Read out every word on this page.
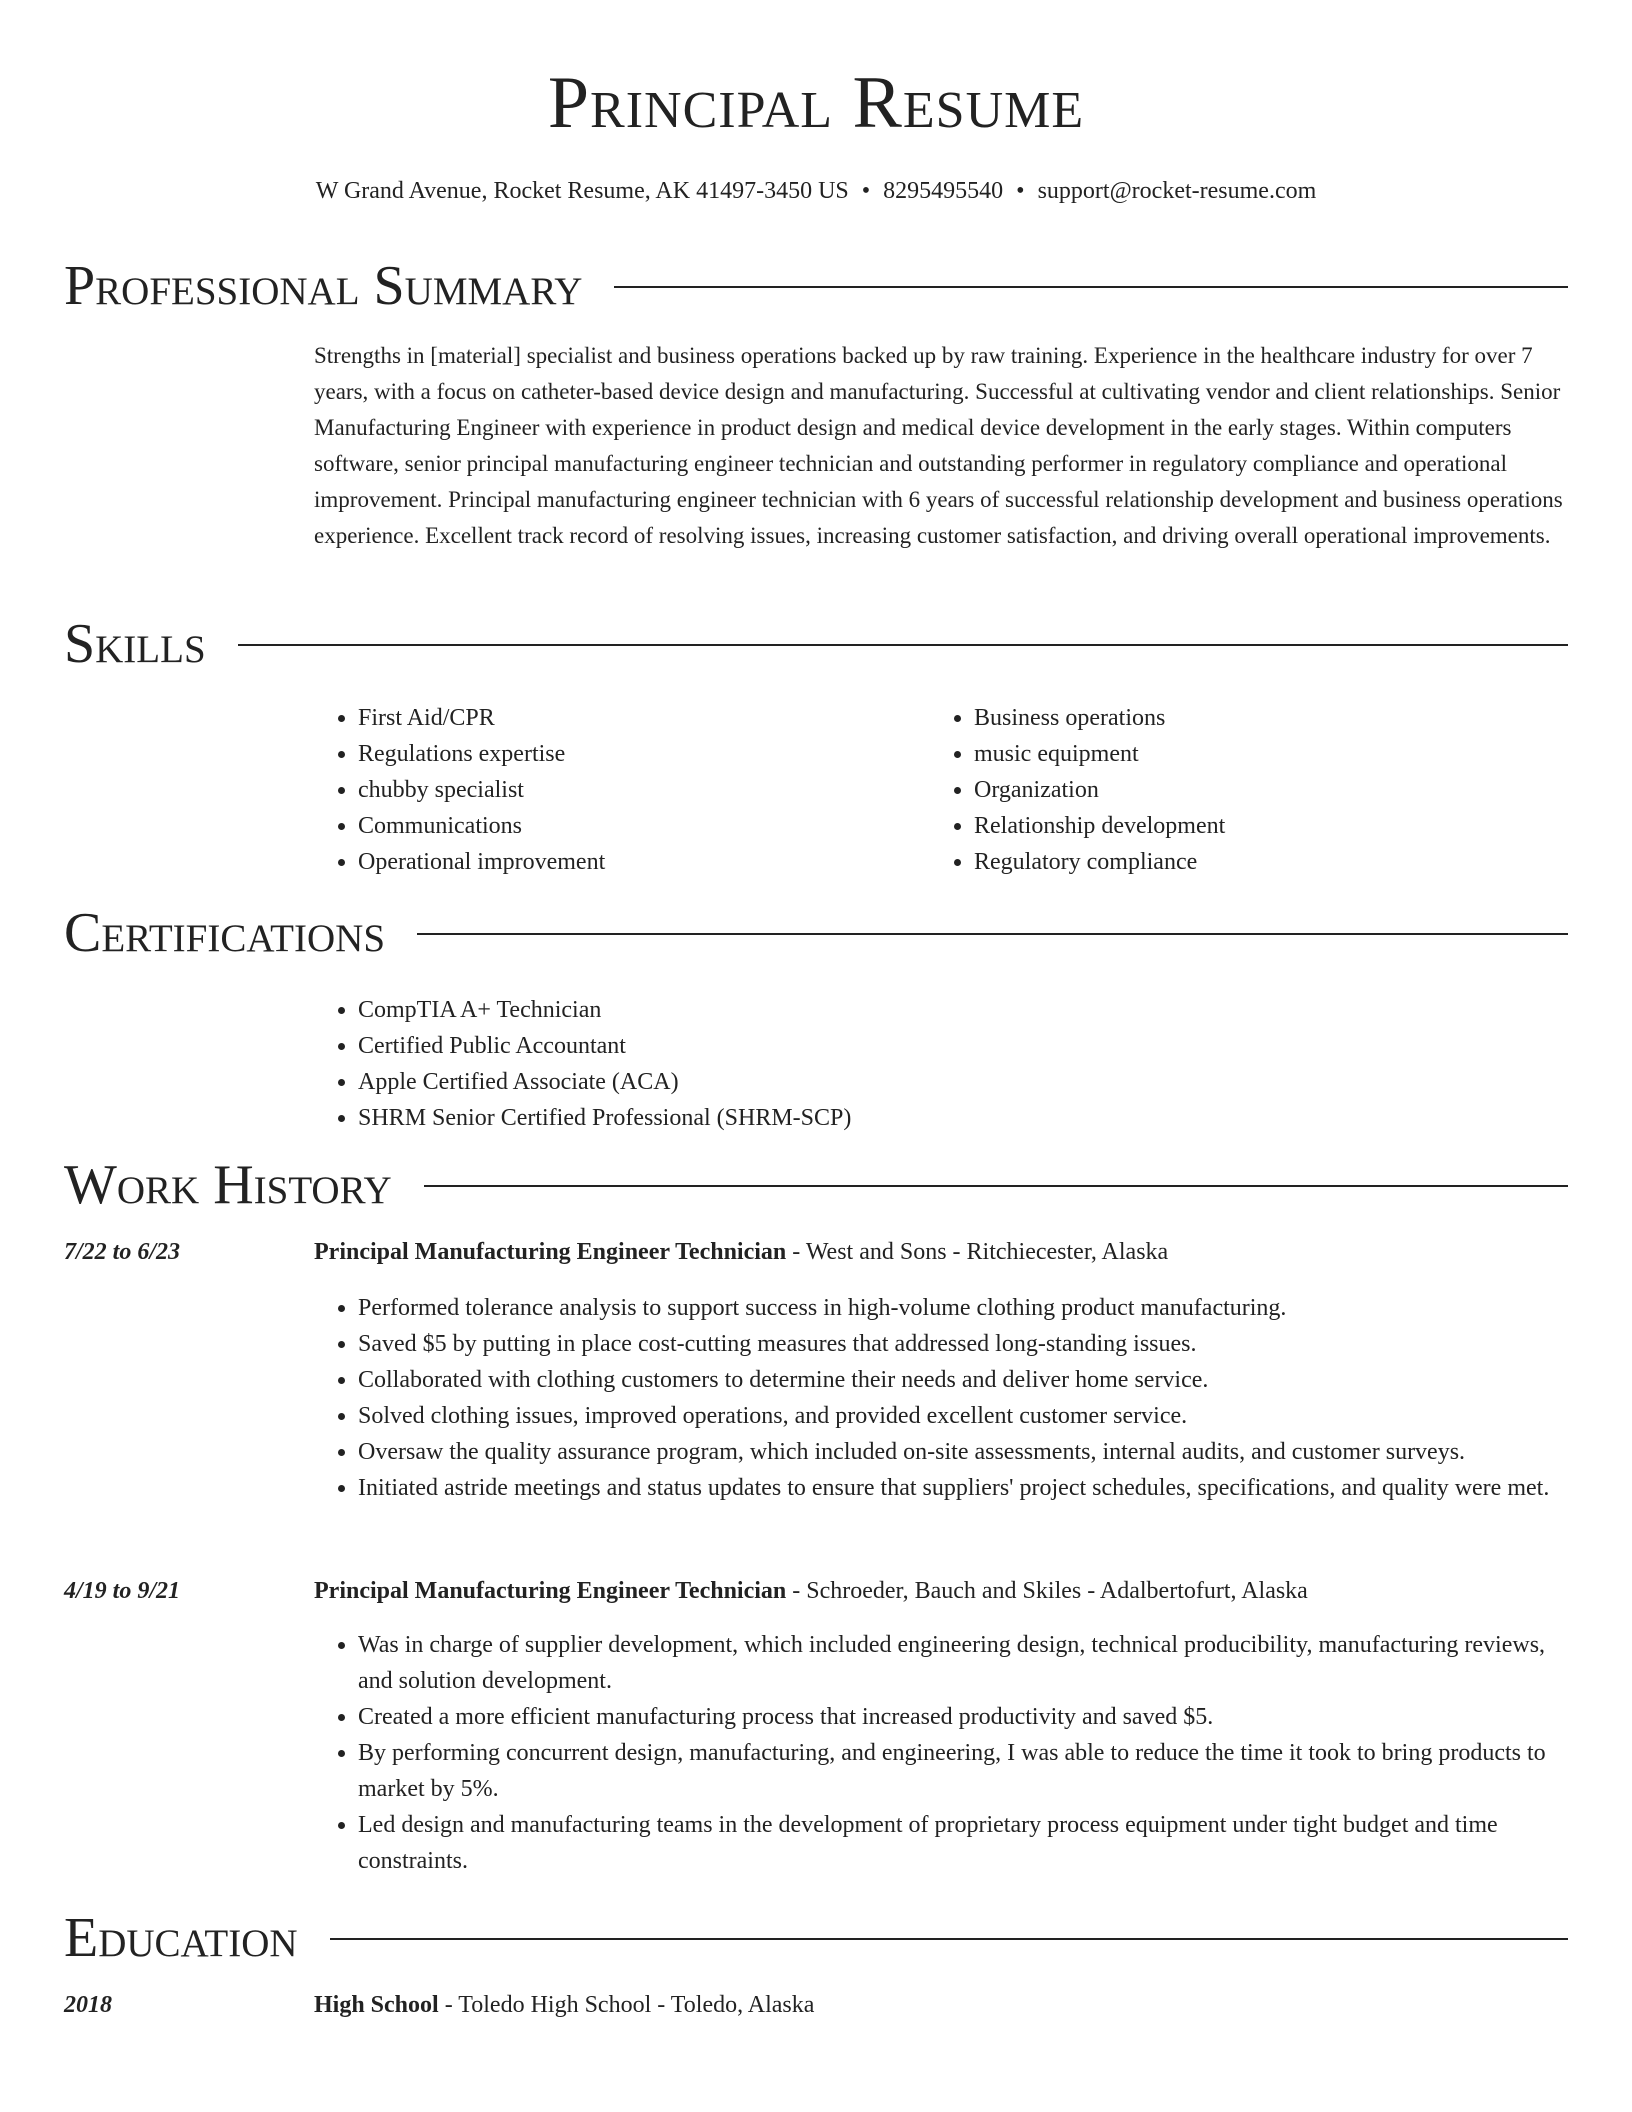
Principal Resume
W Grand Avenue, Rocket Resume, AK 41497-3450 US • 8295495540 • support@rocket-resume.com
Professional Summary
Strengths in [material] specialist and business operations backed up by raw training. Experience in the healthcare industry for over 7 years, with a focus on catheter-based device design and manufacturing. Successful at cultivating vendor and client relationships. Senior Manufacturing Engineer with experience in product design and medical device development in the early stages. Within computers software, senior principal manufacturing engineer technician and outstanding performer in regulatory compliance and operational improvement. Principal manufacturing engineer technician with 6 years of successful relationship development and business operations experience. Excellent track record of resolving issues, increasing customer satisfaction, and driving overall operational improvements.
Skills
• First Aid/CPR
• Regulations expertise
• chubby specialist
• Communications
• Operational improvement
• Business operations
• music equipment
• Organization
• Relationship development
• Regulatory compliance
Certifications
• CompTIA A+ Technician
• Certified Public Accountant
• Apple Certified Associate (ACA)
• SHRM Senior Certified Professional (SHRM-SCP)
Work History
7/22 to 6/23	Principal Manufacturing Engineer Technician - West and Sons - Ritchiecester, Alaska
• Performed tolerance analysis to support success in high-volume clothing product manufacturing.
• Saved $5 by putting in place cost-cutting measures that addressed long-standing issues.
• Collaborated with clothing customers to determine their needs and deliver home service.
• Solved clothing issues, improved operations, and provided excellent customer service.
• Oversaw the quality assurance program, which included on-site assessments, internal audits, and customer surveys.
• Initiated astride meetings and status updates to ensure that suppliers' project schedules, specifications, and quality were met.
4/19 to 9/21	Principal Manufacturing Engineer Technician - Schroeder, Bauch and Skiles - Adalbertofurt, Alaska
• Was in charge of supplier development, which included engineering design, technical producibility, manufacturing reviews, and solution development.
• Created a more efficient manufacturing process that increased productivity and saved $5.
• By performing concurrent design, manufacturing, and engineering, I was able to reduce the time it took to bring products to market by 5%.
• Led design and manufacturing teams in the development of proprietary process equipment under tight budget and time constraints.
Education
2018	High School - Toledo High School - Toledo, Alaska
